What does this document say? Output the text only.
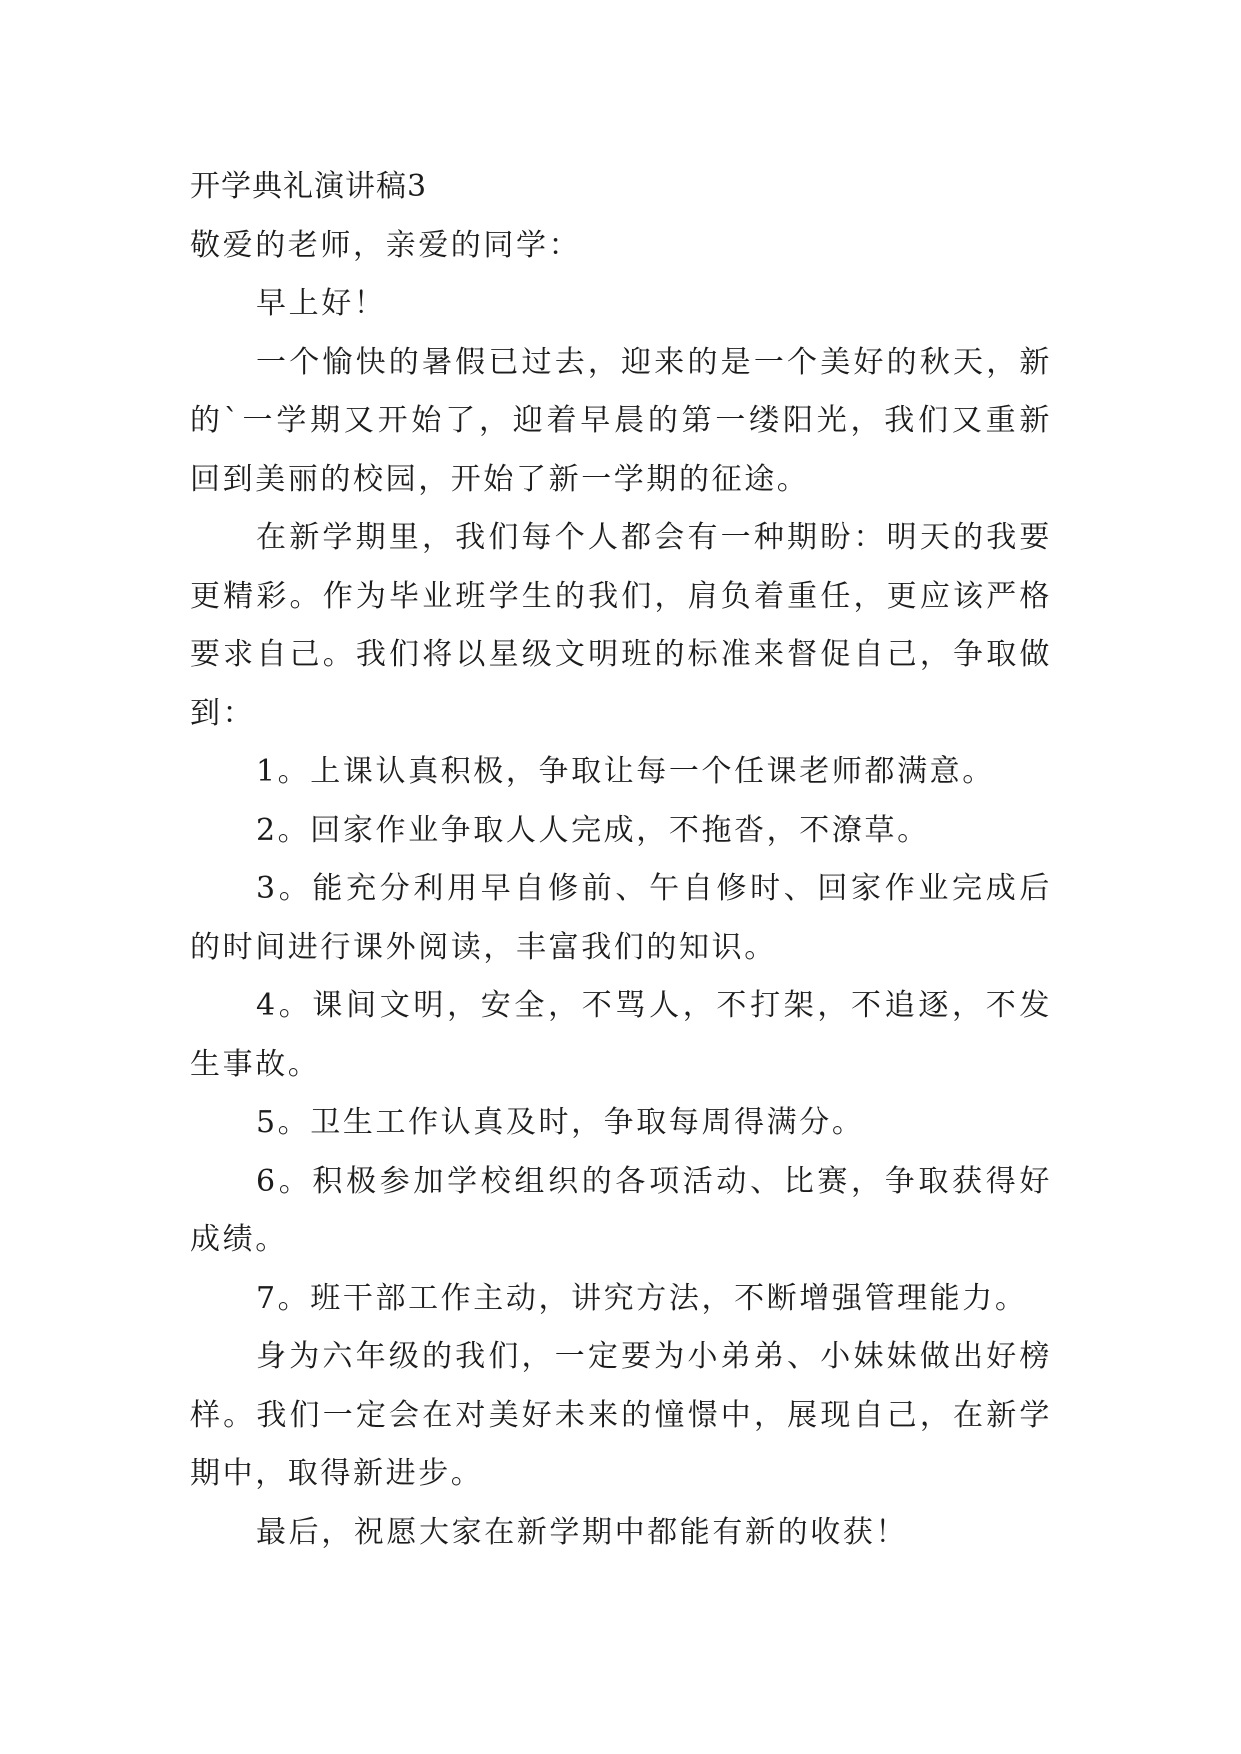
开学典礼演讲稿3

敬爱的老师，亲爱的同学：

早上好！

一个愉快的暑假已过去，迎来的是一个美好的秋天，新的`一学期又开始了，迎着早晨的第一缕阳光，我们又重新回到美丽的校园，开始了新一学期的征途。

在新学期里，我们每个人都会有一种期盼：明天的我要更精彩。作为毕业班学生的我们，肩负着重任，更应该严格要求自己。我们将以星级文明班的标准来督促自己，争取做到：

1。上课认真积极，争取让每一个任课老师都满意。

2。回家作业争取人人完成，不拖沓，不潦草。

3。能充分利用早自修前、午自修时、回家作业完成后的时间进行课外阅读，丰富我们的知识。

4。课间文明，安全，不骂人，不打架，不追逐，不发生事故。

5。卫生工作认真及时，争取每周得满分。

6。积极参加学校组织的各项活动、比赛，争取获得好成绩。

7。班干部工作主动，讲究方法，不断增强管理能力。

身为六年级的我们，一定要为小弟弟、小妹妹做出好榜样。我们一定会在对美好未来的憧憬中，展现自己，在新学期中，取得新进步。

最后，祝愿大家在新学期中都能有新的收获！
